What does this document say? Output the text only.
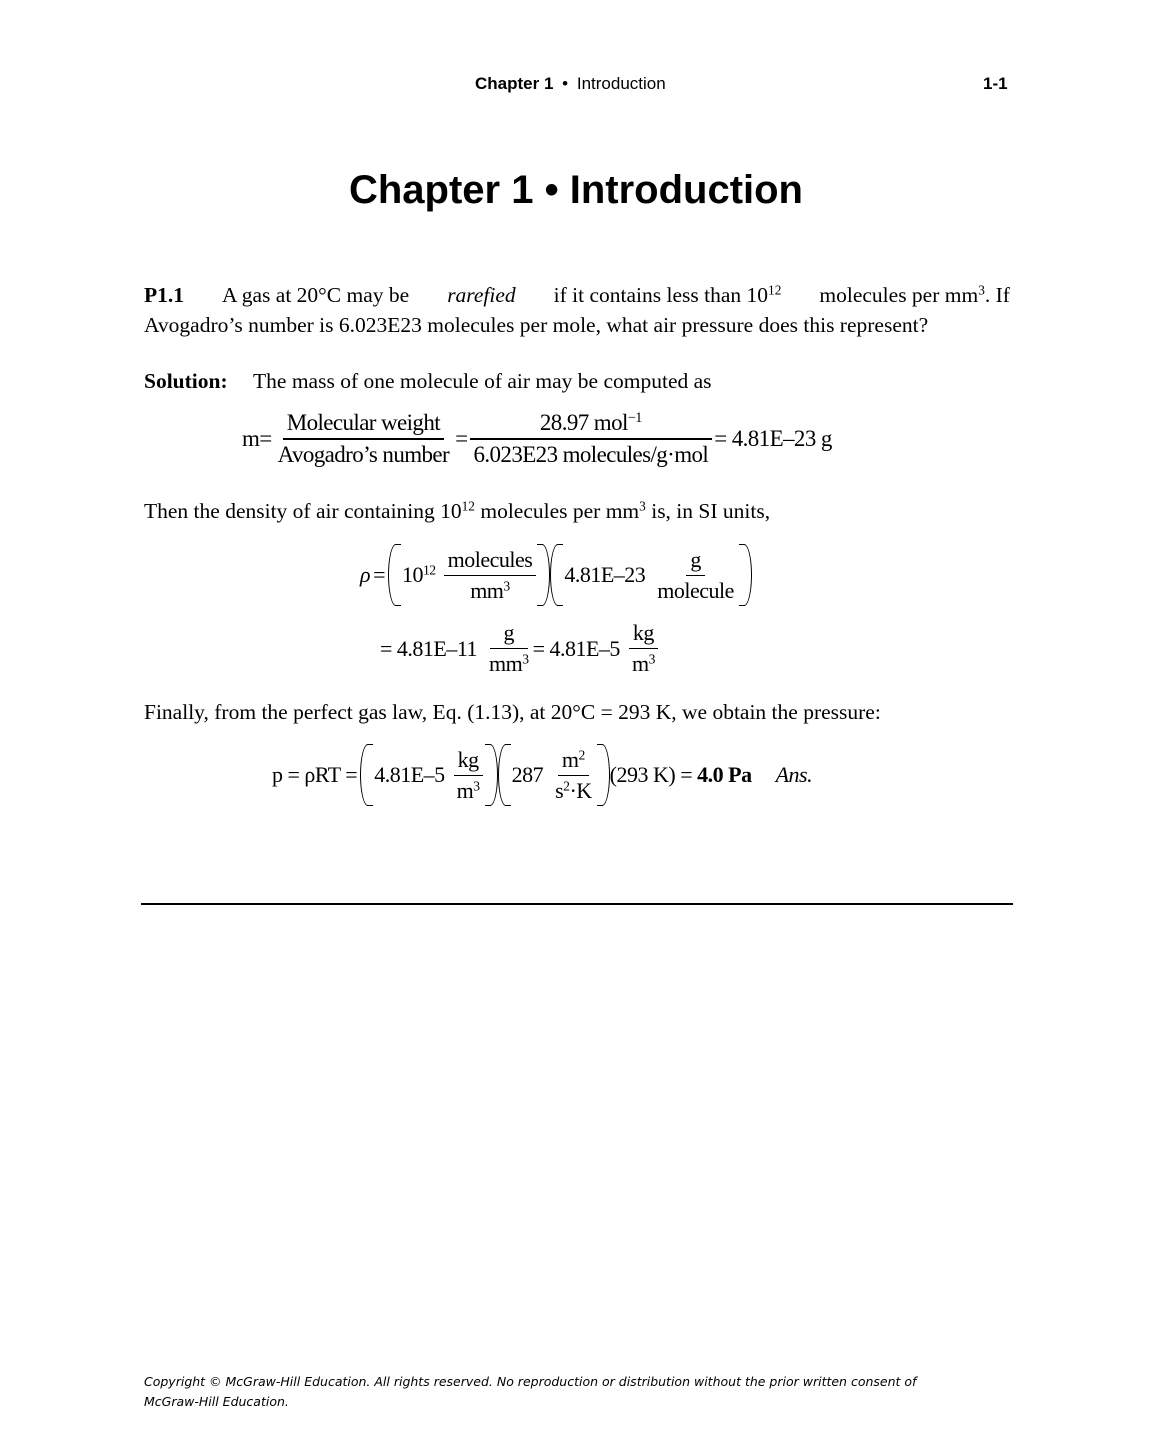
Chapter 1 • Introduction	1-1
Chapter 1 • Introduction
P1.1 A gas at 20°C may be rarefied if it contains less than $10^{12}$ molecules per $mm^3$. If
Avogadro’s number is 6.023E23 molecules per mole, what air pressure does this represent?
Solution: The mass of one molecule of air may be computed as
$m = \frac{\text{Molecular weight}}{\text{Avogadro’s number}} = \frac{28.97 mol^{-1}}{\text{6.023E23 molecules/g·mol}} = 4.81E-23$ g
Then the density of air containing $10^{12}$ molecules per $mm^3$ is, in SI units,
$\rho = 10^{12} \frac{\text{molecules}}{mm^3} 4.81E-23 \frac{g}{\text{molecule}}$
= $4.81E-11 \frac{g}{mm^3} = 4.81E-5 \frac{kg}{m^3}$
Finally, from the perfect gas law, Eq. (1.13), at 20°C = 293 K, we obtain the pressure:
$p = \rho RT = 4.81E-5 \frac{kg}{m^3} 287 \frac{m^2}{s^2\cdot K} (293$ K) = 4.0 Pa Ans.
Copyright © McGraw-Hill Education. All rights reserved. No reproduction or distribution without the prior written consent of
McGraw-Hill Education.
